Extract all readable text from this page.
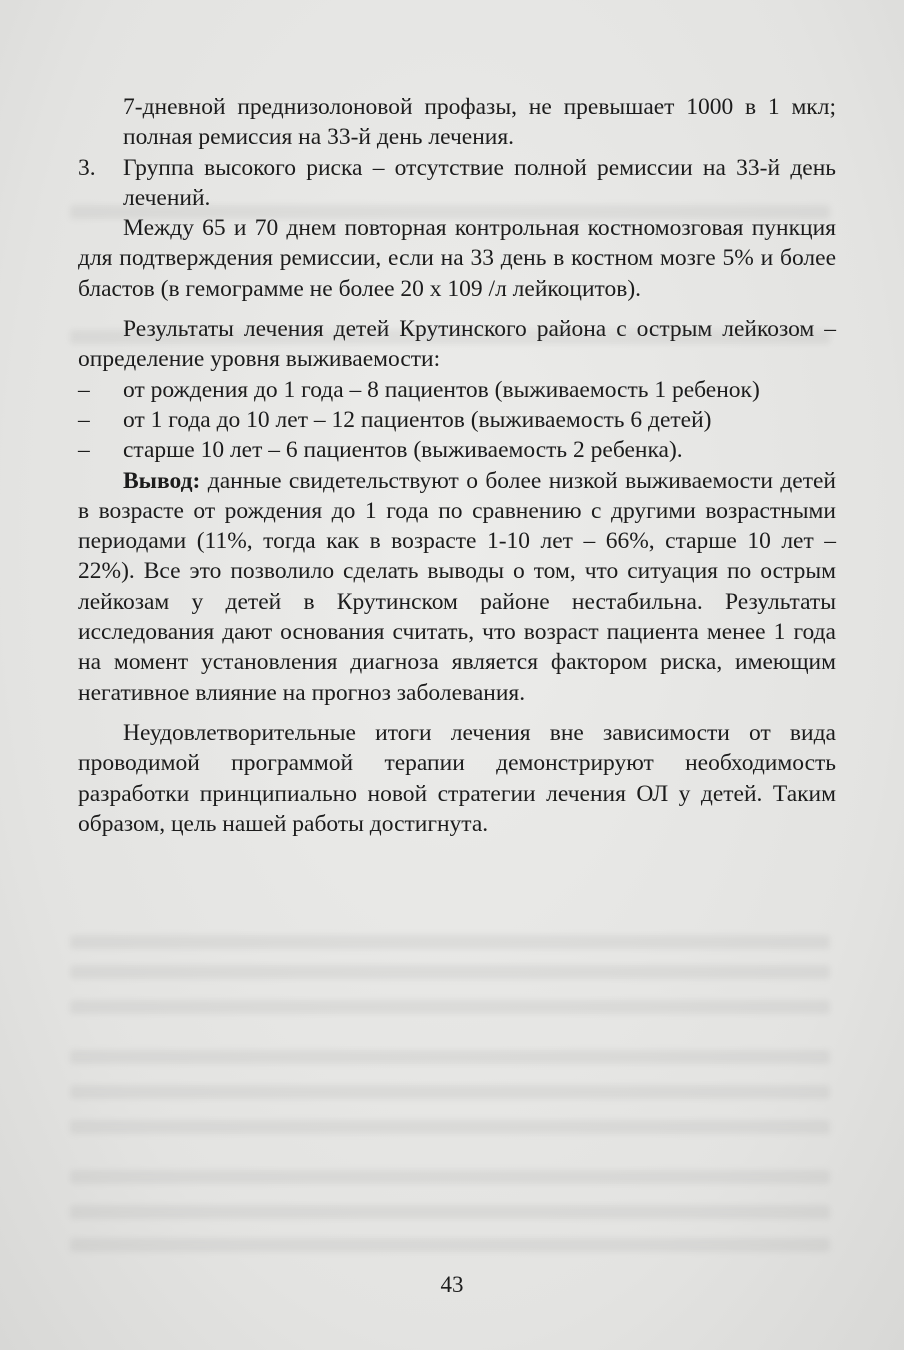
7-дневной преднизолоновой профазы, не превышает 1000 в 1 мкл; полная ремиссия на 33-й день лечения.

3.	Группа высокого риска – отсутствие полной ремиссии на 33-й день лечений.

Между 65 и 70 днем повторная контрольная костномозговая пункция для подтверждения ремиссии, если на 33 день в костном мозге 5% и более бластов (в гемограмме не более 20 х 109 /л лейкоцитов).

Результаты лечения детей Крутинского района с острым лейкозом – определение уровня выживаемости:

–	от рождения до 1 года – 8 пациентов (выживаемость 1 ребенок)
–	от 1 года до 10 лет – 12 пациентов (выживаемость 6 детей)
–	старше 10 лет – 6 пациентов (выживаемость 2 ребенка).

Вывод: данные свидетельствуют о более низкой выживаемости детей в возрасте от рождения до 1 года по сравнению с другими возрастными периодами (11%, тогда как в возрасте 1-10 лет – 66%, старше 10 лет – 22%). Все это позволило сделать выводы о том, что ситуация по острым лейкозам у детей в Крутинском районе нестабильна. Результаты исследования дают основания считать, что возраст пациента менее 1 года на момент установления диагноза является фактором риска, имеющим негативное влияние на прогноз заболевания.

Неудовлетворительные итоги лечения вне зависимости от вида проводимой программой терапии демонстрируют необходимость разработки принципиально новой стратегии лечения ОЛ у детей. Таким образом, цель нашей работы достигнута.

43
